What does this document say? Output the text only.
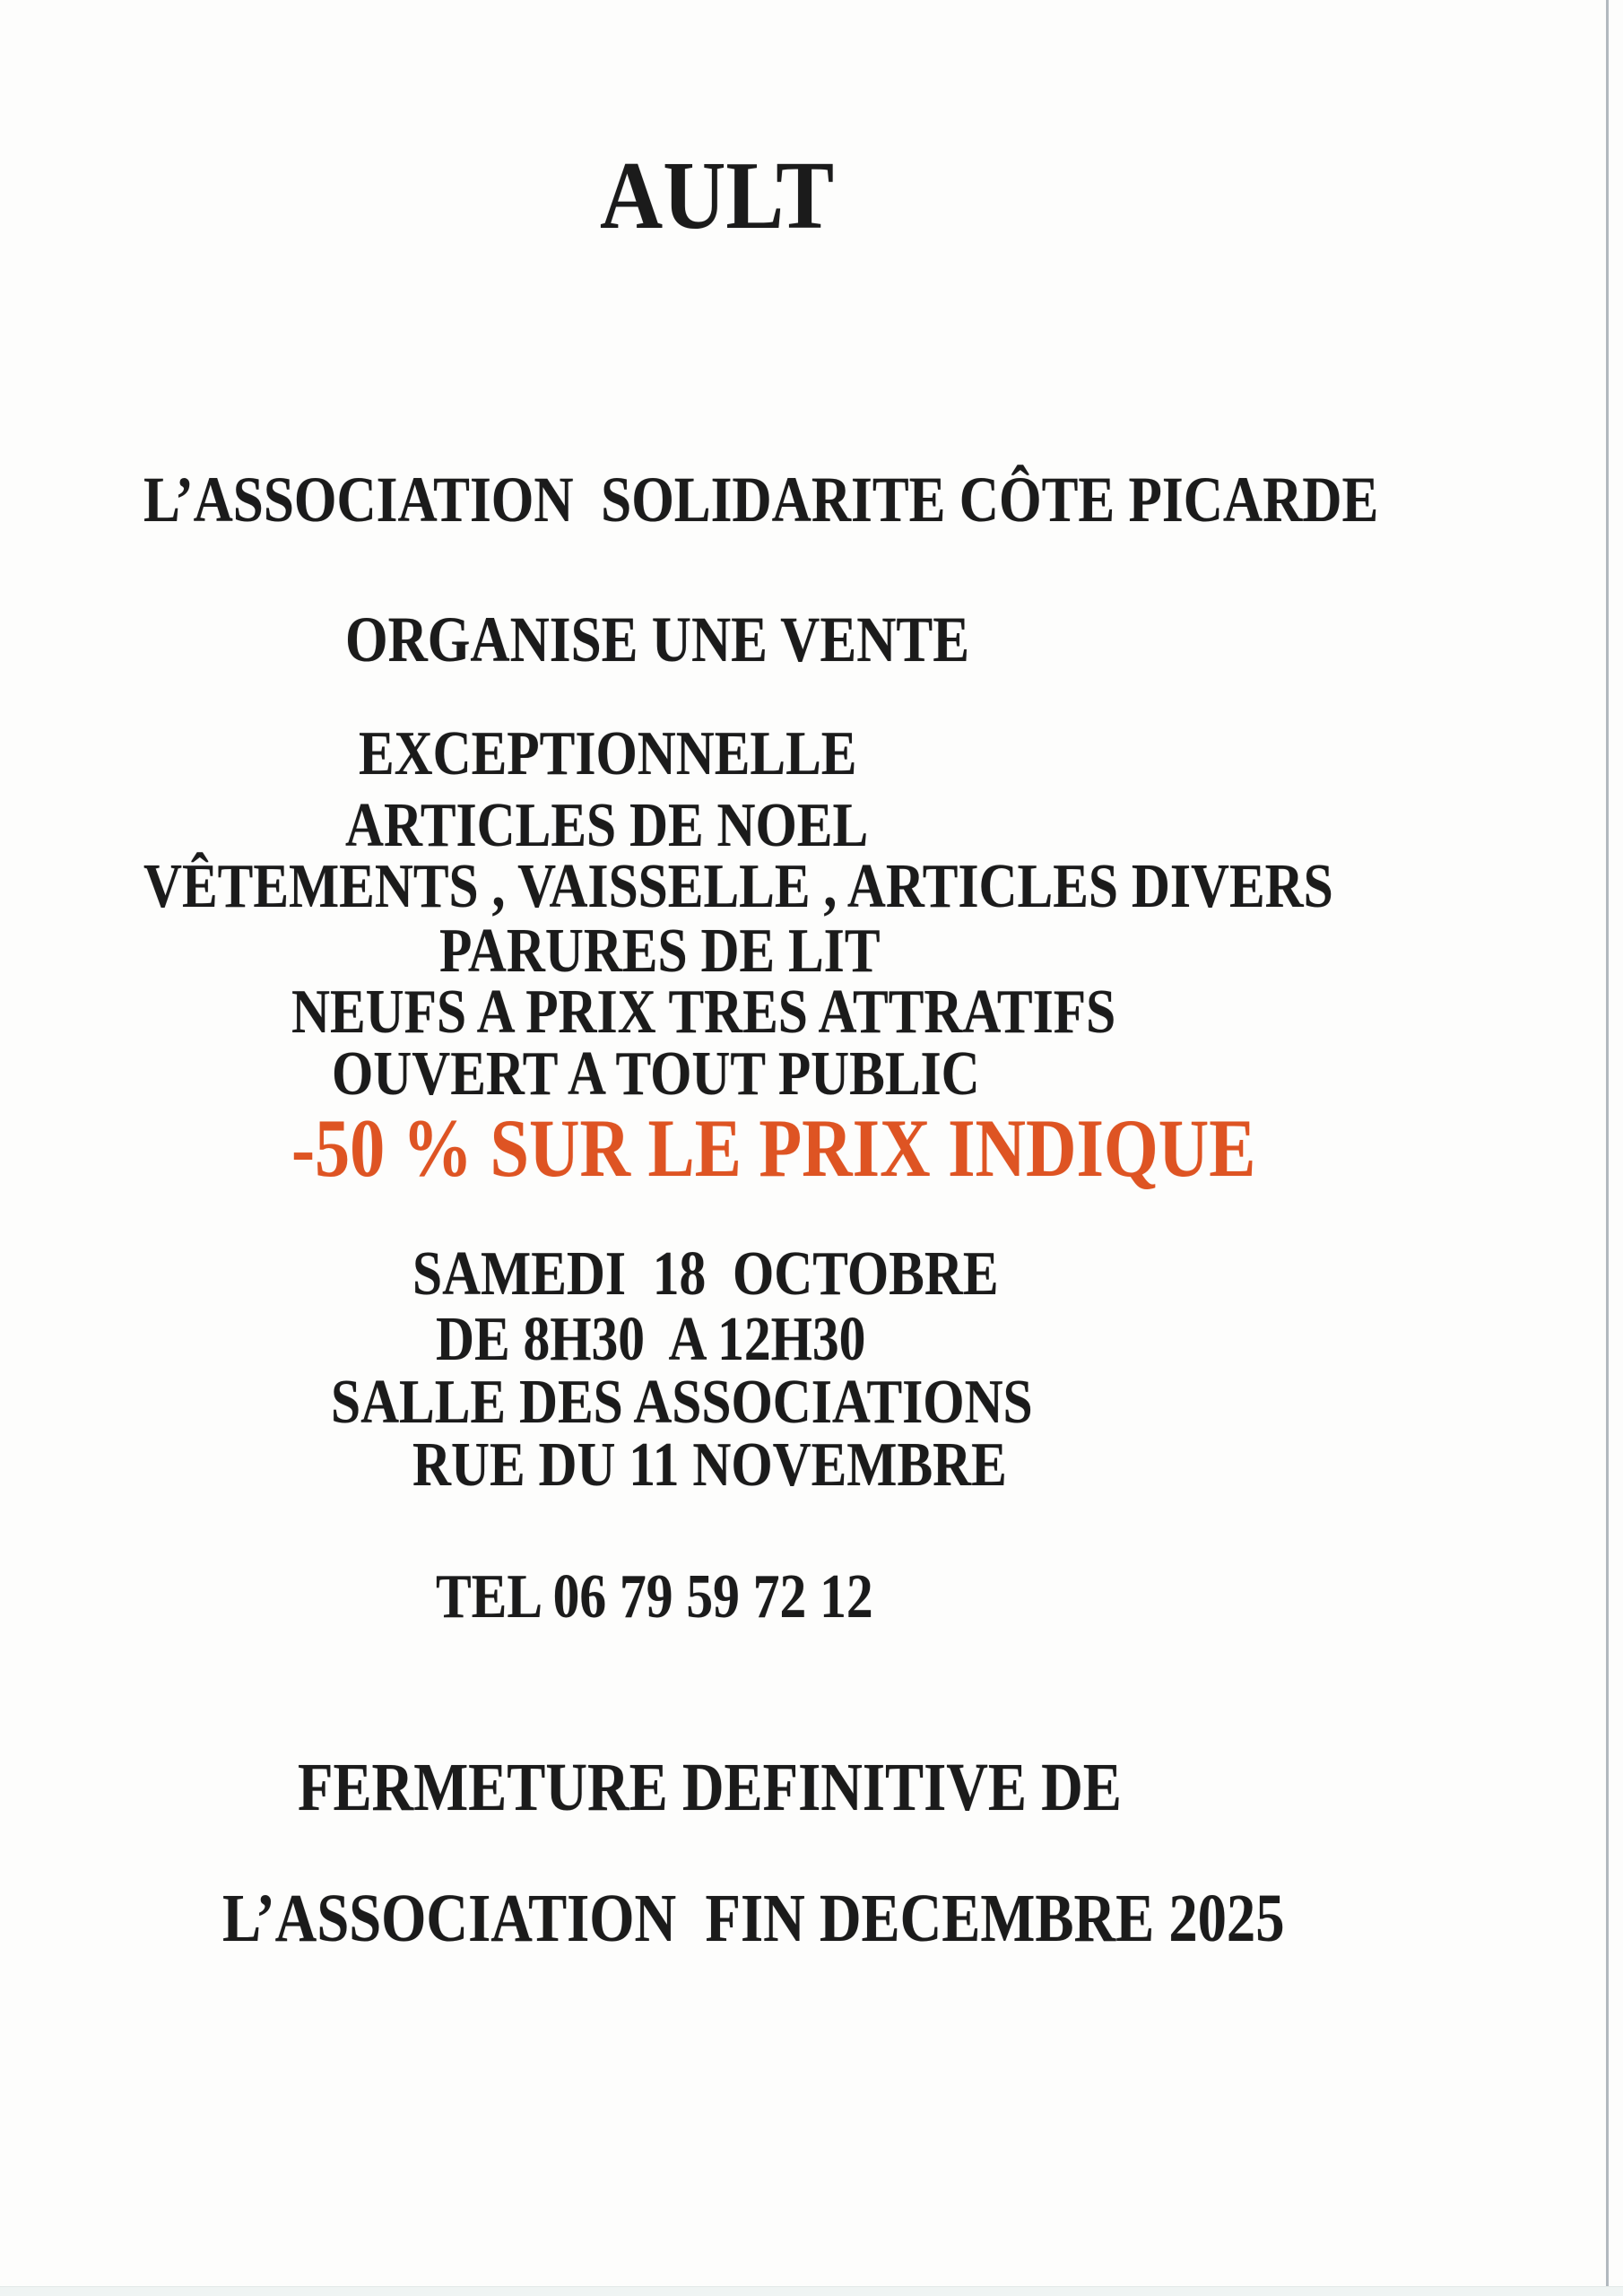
AULT
L’ASSOCIATION  SOLIDARITE CÔTE PICARDE
ORGANISE UNE VENTE
EXCEPTIONNELLE
ARTICLES DE NOEL
VÊTEMENTS , VAISSELLE , ARTICLES DIVERS
PARURES DE LIT
NEUFS A PRIX TRES ATTRATIFS
OUVERT A TOUT PUBLIC
-50 % SUR LE PRIX INDIQUE
SAMEDI  18  OCTOBRE
DE 8H30  A 12H30
SALLE DES ASSOCIATIONS
RUE DU 11 NOVEMBRE
TEL 06 79 59 72 12
FERMETURE DEFINITIVE DE
L’ASSOCIATION  FIN DECEMBRE 2025
